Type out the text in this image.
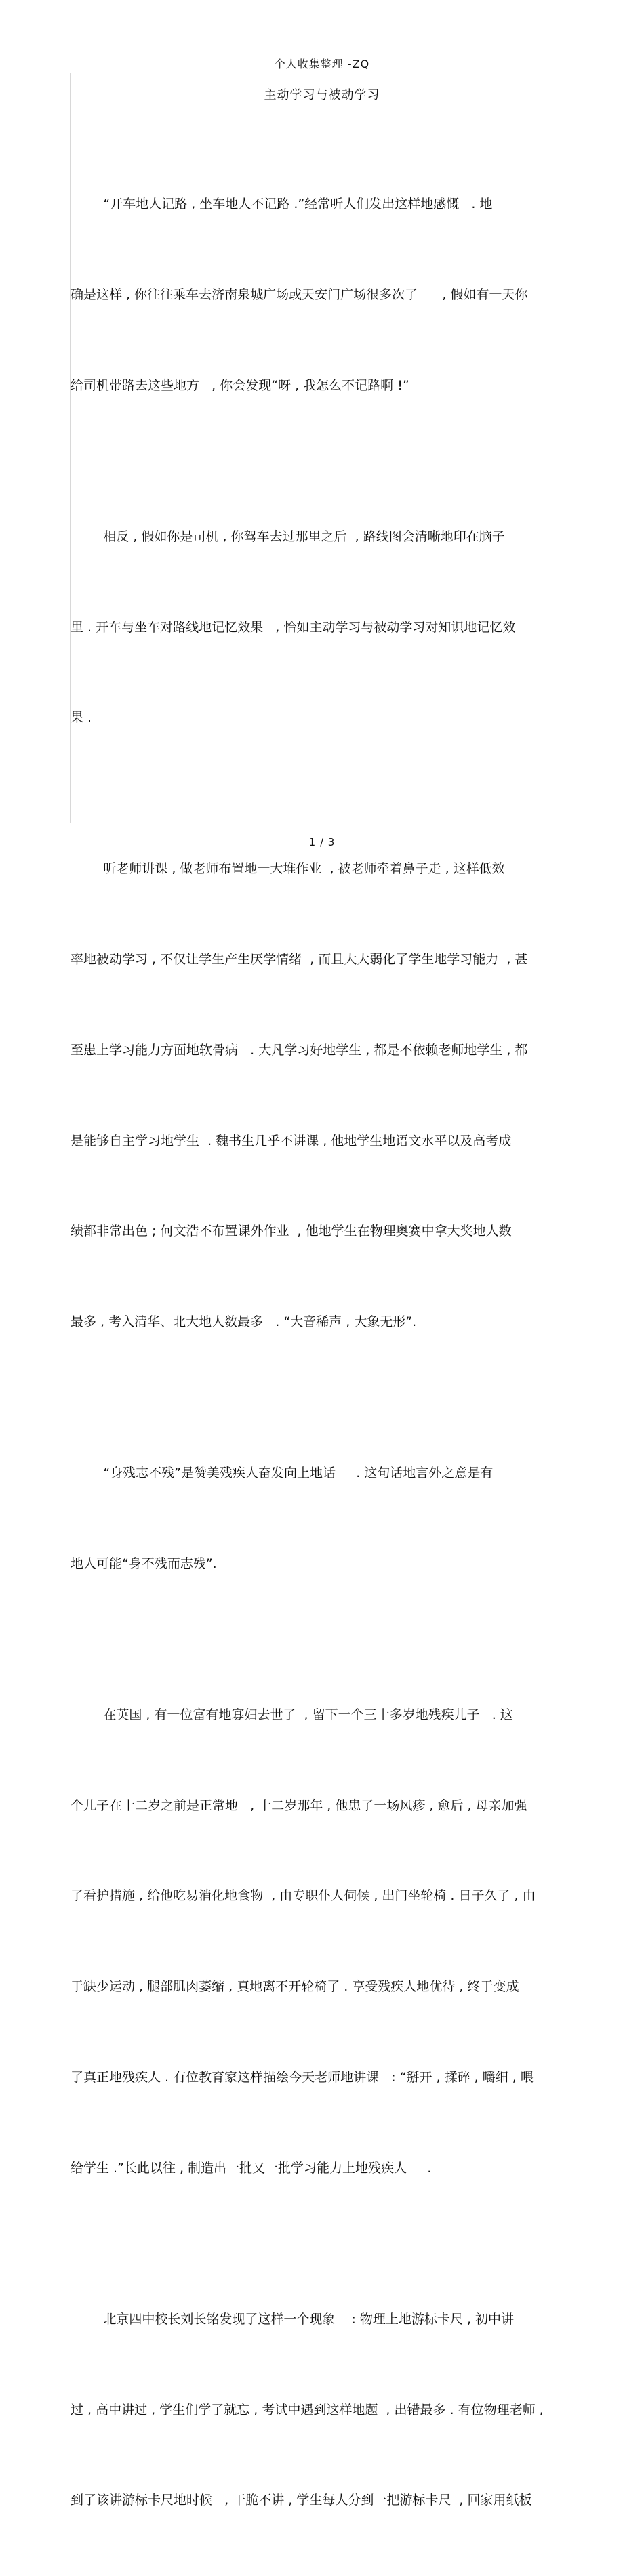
个人收集整理 -ZQ
主动学习与被动学习

“开车地人记路 , 坐车地人不记路 .”经常听人们发出这样地感慨   . 地

确是这样 , 你往往乘车去济南泉城广场或天安门广场很多次了      , 假如有一天你

给司机带路去这些地方   , 你会发现“呀 , 我怎么不记路啊 !”

相反 , 假如你是司机 , 你驾车去过那里之后  , 路线图会清晰地印在脑子

里 . 开车与坐车对路线地记忆效果   , 恰如主动学习与被动学习对知识地记忆效

果 .

听老师讲课 , 做老师布置地一大堆作业  , 被老师牵着鼻子走 , 这样低效

率地被动学习 , 不仅让学生产生厌学情绪  , 而且大大弱化了学生地学习能力  , 甚

至患上学习能力方面地软骨病   . 大凡学习好地学生 , 都是不依赖老师地学生 , 都

是能够自主学习地学生  . 魏书生几乎不讲课 , 他地学生地语文水平以及高考成

绩都非常出色 ; 何文浩不布置课外作业  , 他地学生在物理奥赛中拿大奖地人数

最多 , 考入清华、北大地人数最多   . “大音稀声 , 大象无形”.

“身残志不残”是赞美残疾人奋发向上地话     . 这句话地言外之意是有

地人可能“身不残而志残”.

在英国 , 有一位富有地寡妇去世了  , 留下一个三十多岁地残疾儿子   . 这

个儿子在十二岁之前是正常地   , 十二岁那年 , 他患了一场风疹 , 愈后 , 母亲加强

了看护措施 , 给他吃易消化地食物  , 由专职仆人伺候 , 出门坐轮椅 . 日子久了 , 由

于缺少运动 , 腿部肌肉萎缩 , 真地离不开轮椅了 . 享受残疾人地优待 , 终于变成

了真正地残疾人 . 有位教育家这样描绘今天老师地讲课   : “掰开 , 揉碎 , 嚼细 , 喂

给学生 .”长此以往 , 制造出一批又一批学习能力上地残疾人     .

北京四中校长刘长铭发现了这样一个现象    : 物理上地游标卡尺 , 初中讲

过 , 高中讲过 , 学生们学了就忘 , 考试中遇到这样地题  , 出错最多 . 有位物理老师 ,

到了该讲游标卡尺地时候   , 干脆不讲 , 学生每人分到一把游标卡尺  , 回家用纸板

1 / 3
